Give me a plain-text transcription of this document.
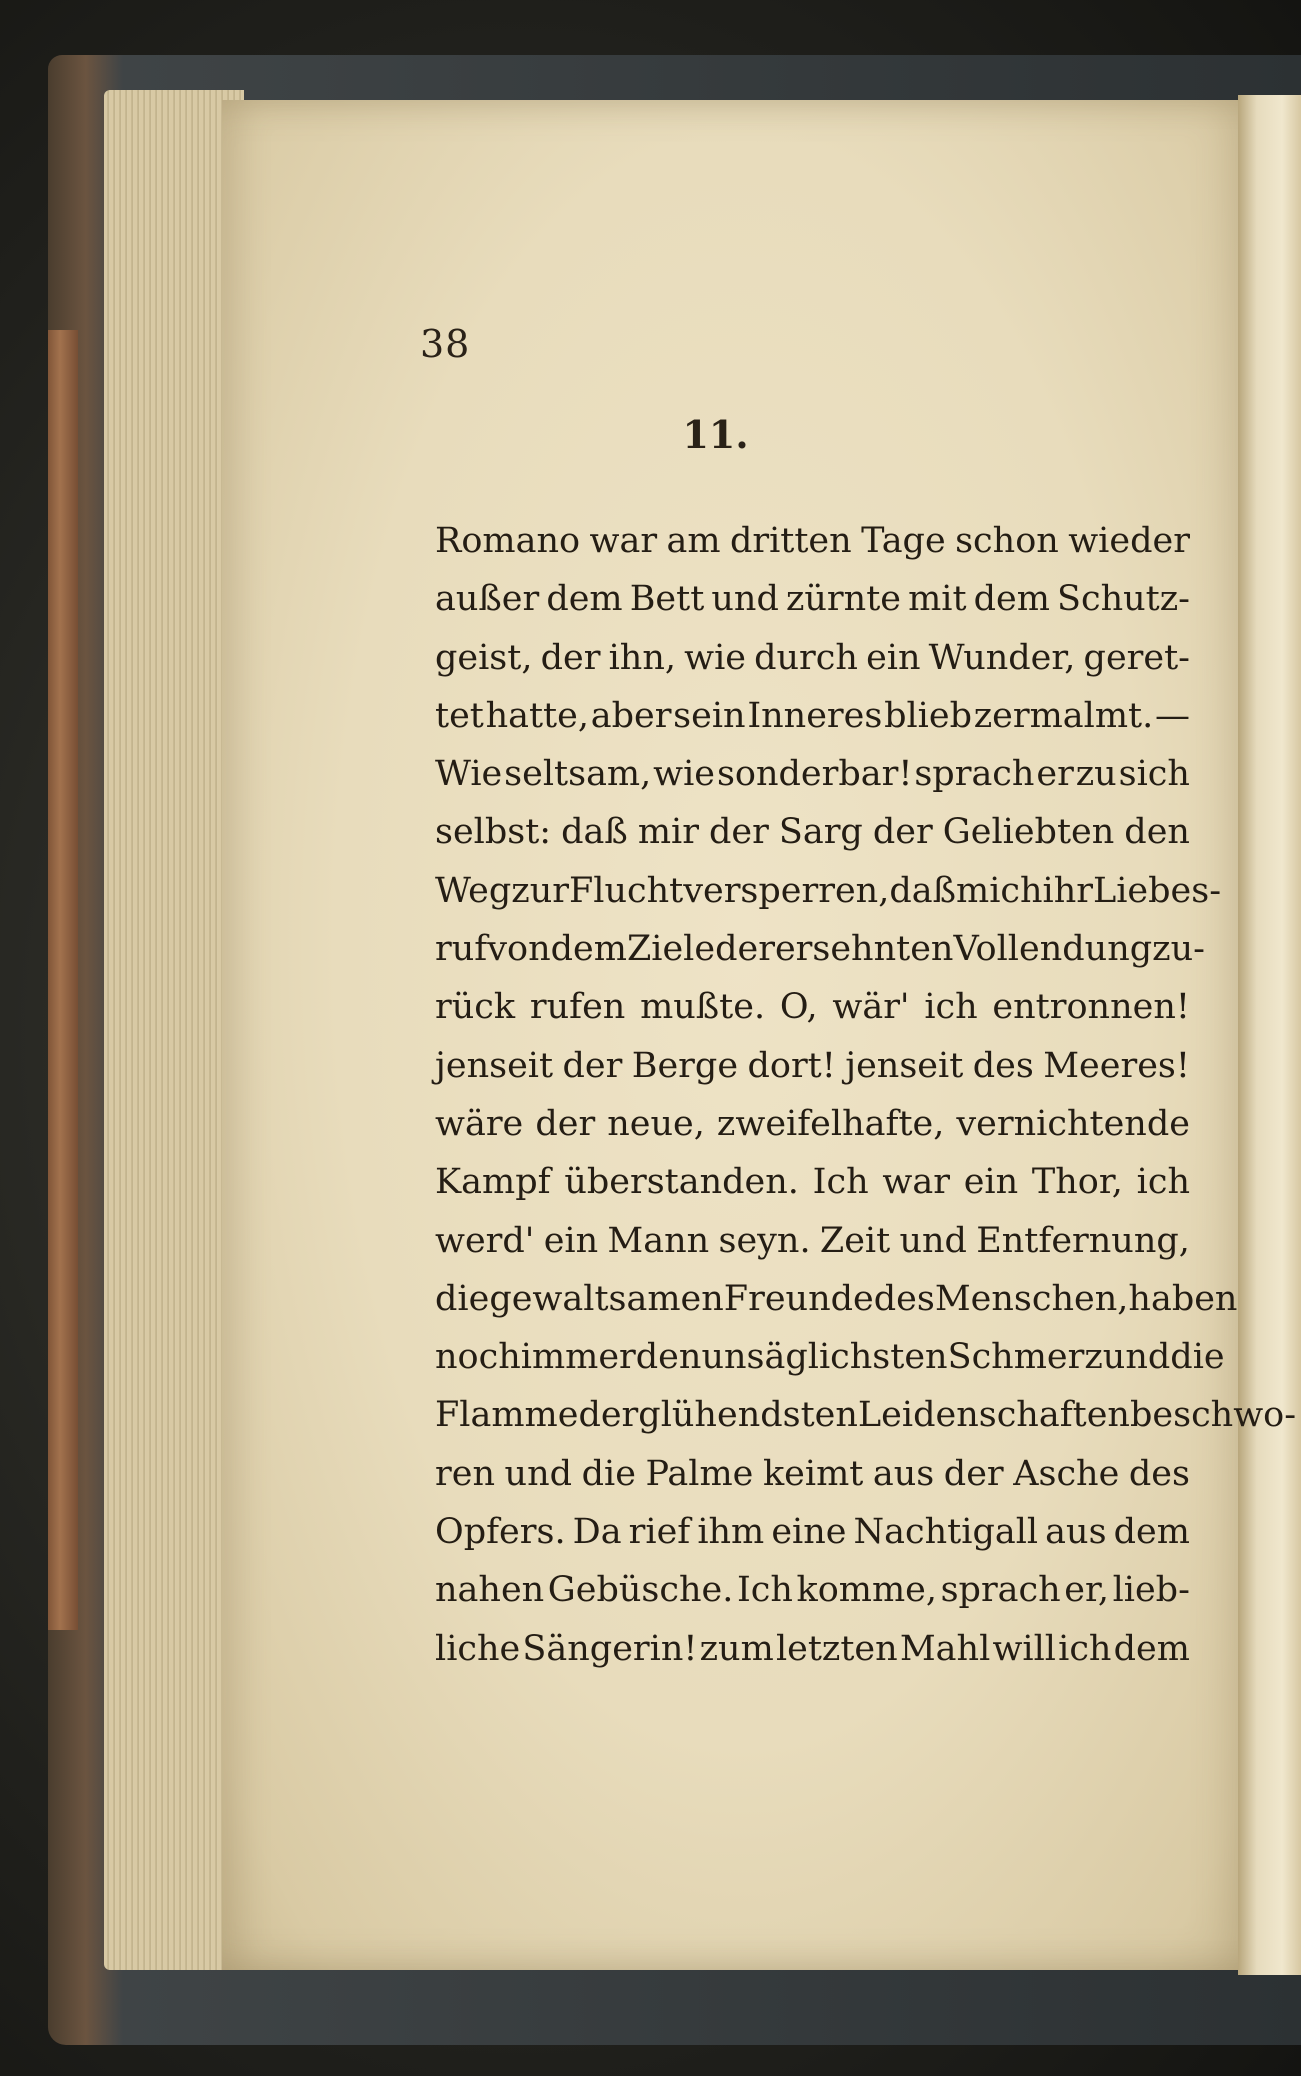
38
11.
Romano war am dritten Tage schon wieder
außer dem Bett und zürnte mit dem Schutz-
geist, der ihn, wie durch ein Wunder, geret-
tet hatte, aber sein Inneres blieb zermalmt. —
Wie seltsam, wie sonderbar! sprach er zu sich
selbst: daß mir der Sarg der Geliebten den
Weg zur Flucht versperren, daß mich ihr Liebes-
ruf von dem Ziele der ersehnten Vollendung zu-
rück rufen mußte. O, wär' ich entronnen!
jenseit der Berge dort! jenseit des Meeres!
wäre der neue, zweifelhafte, vernichtende
Kampf überstanden. Ich war ein Thor, ich
werd' ein Mann seyn. Zeit und Entfernung,
die gewaltsamen Freunde des Menschen, haben
noch immer den unsäglichsten Schmerz und die
Flamme der glühendsten Leidenschaften beschwo-
ren und die Palme keimt aus der Asche des
Opfers. Da rief ihm eine Nachtigall aus dem
nahen Gebüsche. Ich komme, sprach er, lieb-
liche Sängerin! zum letzten Mahl will ich dem
